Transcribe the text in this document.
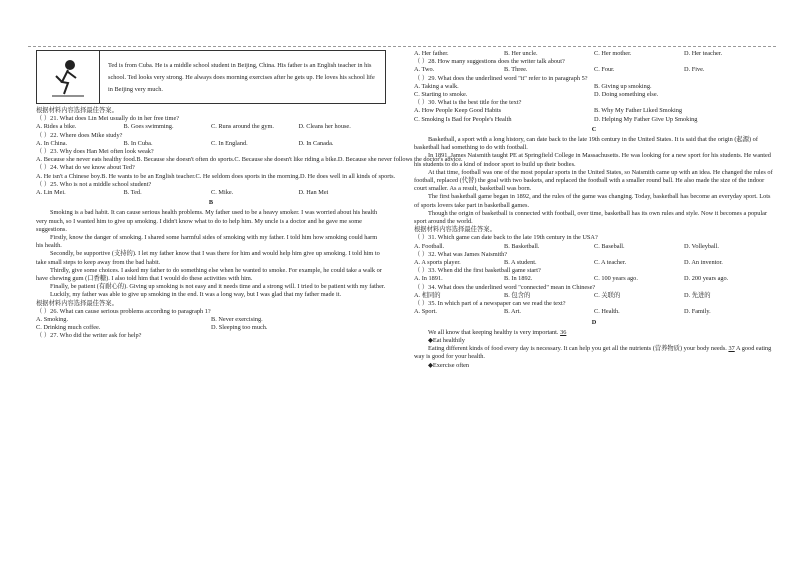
Ted is from Cuba. He is a middle school student in Beijing, China. His father is an English teacher in his school. Ted looks very strong. He always does morning exercises after he gets up. He loves his school life in Beijing very much.
根据材料内容选择最佳答案。
（ ）21. What does Lin Mei usually do in her free time?
A. Rides a bike.	B. Goes swimming.	C. Runs around the gym.	D. Cleans her house.
（ ）22. Where does Mike study?
A. In China.	B. In Cuba.	C. In England.	D. In Canada.
（ ）23. Why does Han Mei often look weak?
A. Because she never eats healthy food. B. Because she doesn't often do sports. C. Because she doesn't like riding a bike. D. Because she never follows the doctor's advice.
（ ）24. What do we know about Ted?
A. He isn't a Chinese boy. B. He wants to be an English teacher. C. He seldom does sports in the morning. D. He does well in all kinds of sports.
（ ）25. Who is not a middle school student?
A. Lin Mei.	B. Ted.	C. Mike.	D. Han Mei
B

Smoking is a bad habit. It can cause serious health problems. My father used to be a heavy smoker. I was worried about his health very much, so I wanted him to give up smoking. I didn't know what to do to help him. My uncle is a doctor and he gave me some suggestions.

Firstly, know the danger of smoking. I shared some harmful sides of smoking with my father. I told him how smoking could harm his health.

Secondly, be supportive (支持的). I let my father know that I was there for him and would help him give up smoking. I told him to take small steps to keep away from the bad habit.

Thirdly, give some choices. I asked my father to do something else when he wanted to smoke. For example, he could take a walk or have chewing gum (口香糖). I also told him that I would do these activities with him.

Finally, be patient (有耐心的). Giving up smoking is not easy and it needs time and a strong will. I tried to be patient with my father.

Luckily, my father was able to give up smoking in the end. It was a long way, but I was glad that my father made it.

根据材料内容选择最佳答案。
（ ）26. What can cause serious problems according to paragraph 1?
A. Smoking.	B. Never exercising.
C. Drinking much coffee.	D. Sleeping too much.
（ ）27. Who did the writer ask for help?
A. Her father.	B. Her uncle.	C. Her mother.	D. Her teacher.
（ ）28. How many suggestions does the writer talk about?
A. Two.	B. Three.	C. Four.	D. Five.
（ ）29. What does the underlined word "it" refer to in paragraph 5?
A. Taking a walk.	B. Giving up smoking.
C. Starting to smoke.	D. Doing something else.
（ ）30. What is the best title for the text?
A. How People Keep Good Habits	B. Why My Father Liked Smoking
C. Smoking Is Bad for People's Health	D. Helping My Father Give Up Smoking
C

Basketball, a sport with a long history, can date back to the late 19th century in the United States. It is said that the origin (起源) of basketball had something to do with football.

In 1891, James Naismith taught PE at Springfield College in Massachusetts. He was looking for a new sport for his students. He wanted his students to do a kind of indoor sport to build up their bodies.

At that time, football was one of the most popular sports in the United States, so Naismith came up with an idea. He changed the rules of football, replaced (代替) the goal with two baskets, and replaced the football with a smaller round ball. He also made the size of the indoor court smaller. As a result, basketball was born.

The first basketball game began in 1892, and the rules of the game was changing. Today, basketball has become an everyday sport. Lots of sports lovers take part in basketball games.

Though the origin of basketball is connected with football, over time, basketball has its own rules and style. Now it becomes a popular sport around the world.

根据材料内容选择最佳答案。
（ ）31. Which game can date back to the late 19th century in the USA?
A. Football.	B. Basketball.	C. Baseball.	D. Volleyball.
（ ）32. What was James Naismith?
A. A sports player.	B. A student.	C. A teacher.	D. An inventor.
（ ）33. When did the first basketball game start?
A. In 1891.	B. In 1892.	C. 100 years ago.	D. 200 years ago.
（ ）34. What does the underlined word "connected" mean in Chinese?
A. 相同的	B. 包含的	C. 关联的	D. 先进的
（ ）35. In which part of a newspaper can we read the text?
A. Sport.	B. Art.	C. Health.	D. Family.
D

We all know that keeping healthy is very important. 36

◆Eat healthily

Eating different kinds of food every day is necessary. It can help you get all the nutrients (营养物质) your body needs. 37 A good eating way is good for your health.

◆Exercise often
